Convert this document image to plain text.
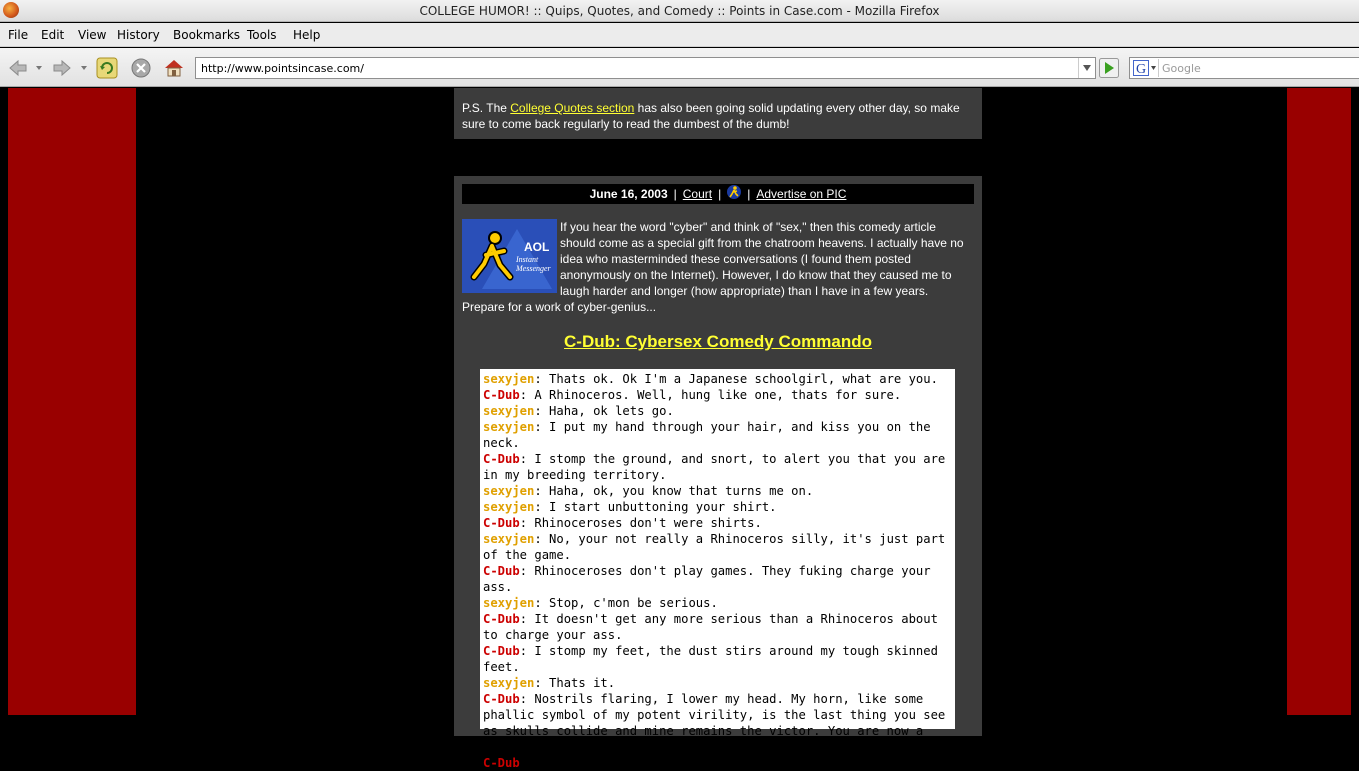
COLLEGE HUMOR! :: Quips, Quotes, and Comedy :: Points in Case.com - Mozilla Firefox
File Edit View History Bookmarks Tools Help
http://www.pointsincase.com/
G
Google
P.S. The College Quotes section has also been going solid updating every other day, so make sure to come back regularly to read the dumbest of the dumb!
June 16, 2003 | Court | | Advertise on PIC
AOL
Instant
Messenger
If you hear the word "cyber" and think of "sex," then this comedy article should come as a special gift from the chatroom heavens. I actually have no idea who masterminded these conversations (I found them posted anonymously on the Internet). However, I do know that they caused me to laugh harder and longer (how appropriate) than I have in a few years. Prepare for a work of cyber-genius...
C-Dub: Cybersex Comedy Commando
sexyjen: Thats ok. Ok I'm a Japanese schoolgirl, what are you.
C-Dub: A Rhinoceros. Well, hung like one, thats for sure.
sexyjen: Haha, ok lets go.
sexyjen: I put my hand through your hair, and kiss you on the neck.
C-Dub: I stomp the ground, and snort, to alert you that you are in my breeding territory.
sexyjen: Haha, ok, you know that turns me on.
sexyjen: I start unbuttoning your shirt.
C-Dub: Rhinoceroses don't were shirts.
sexyjen: No, your not really a Rhinoceros silly, it's just part of the game.
C-Dub: Rhinoceroses don't play games. They fuking charge your ass.
sexyjen: Stop, c'mon be serious.
C-Dub: It doesn't get any more serious than a Rhinoceros about to charge your ass.
C-Dub: I stomp my feet, the dust stirs around my tough skinned feet.
sexyjen: Thats it.
C-Dub: Nostrils flaring, I lower my head. My horn, like some phallic symbol of my potent virility, is the last thing you see as skulls collide and mine remains the victor. You are now a bloody red ragdoll suspended in the air on my mighty horn.
C-Dub: Goddamn am I hard now.
